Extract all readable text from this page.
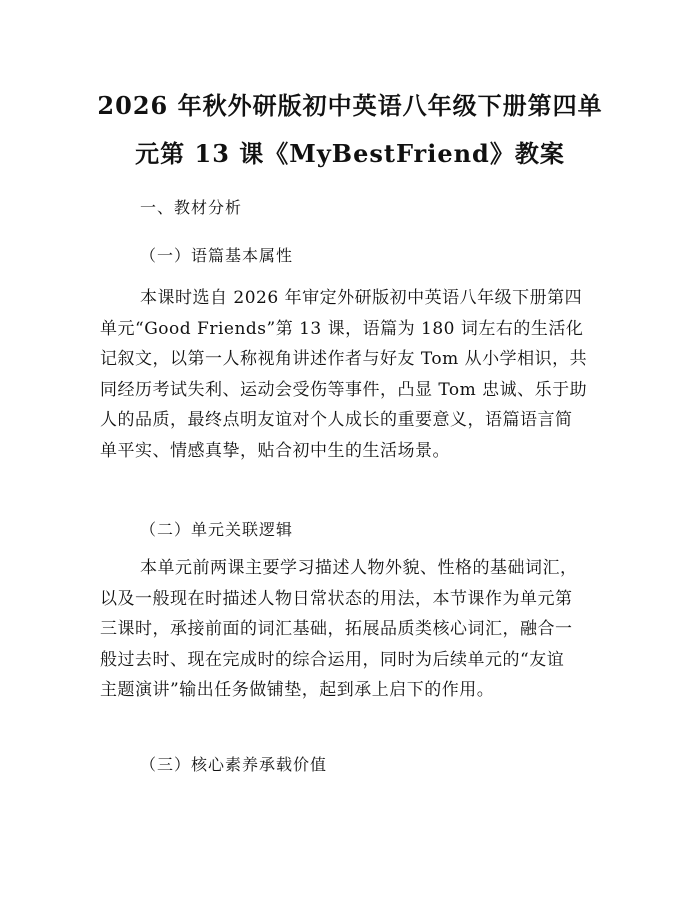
2026 年秋外研版初中英语八年级下册第四单
元第 13 课《MyBestFriend》教案
一、教材分析
（一）语篇基本属性
本课时选自 2026 年审定外研版初中英语八年级下册第四
单元“Good Friends”第 13 课，语篇为 180 词左右的生活化
记叙文，以第一人称视角讲述作者与好友 Tom 从小学相识，共
同经历考试失利、运动会受伤等事件，凸显 Tom 忠诚、乐于助
人的品质，最终点明友谊对个人成长的重要意义，语篇语言简
单平实、情感真挚，贴合初中生的生活场景。
（二）单元关联逻辑
本单元前两课主要学习描述人物外貌、性格的基础词汇，
以及一般现在时描述人物日常状态的用法，本节课作为单元第
三课时，承接前面的词汇基础，拓展品质类核心词汇，融合一
般过去时、现在完成时的综合运用，同时为后续单元的“友谊
主题演讲”输出任务做铺垫，起到承上启下的作用。
（三）核心素养承载价值
